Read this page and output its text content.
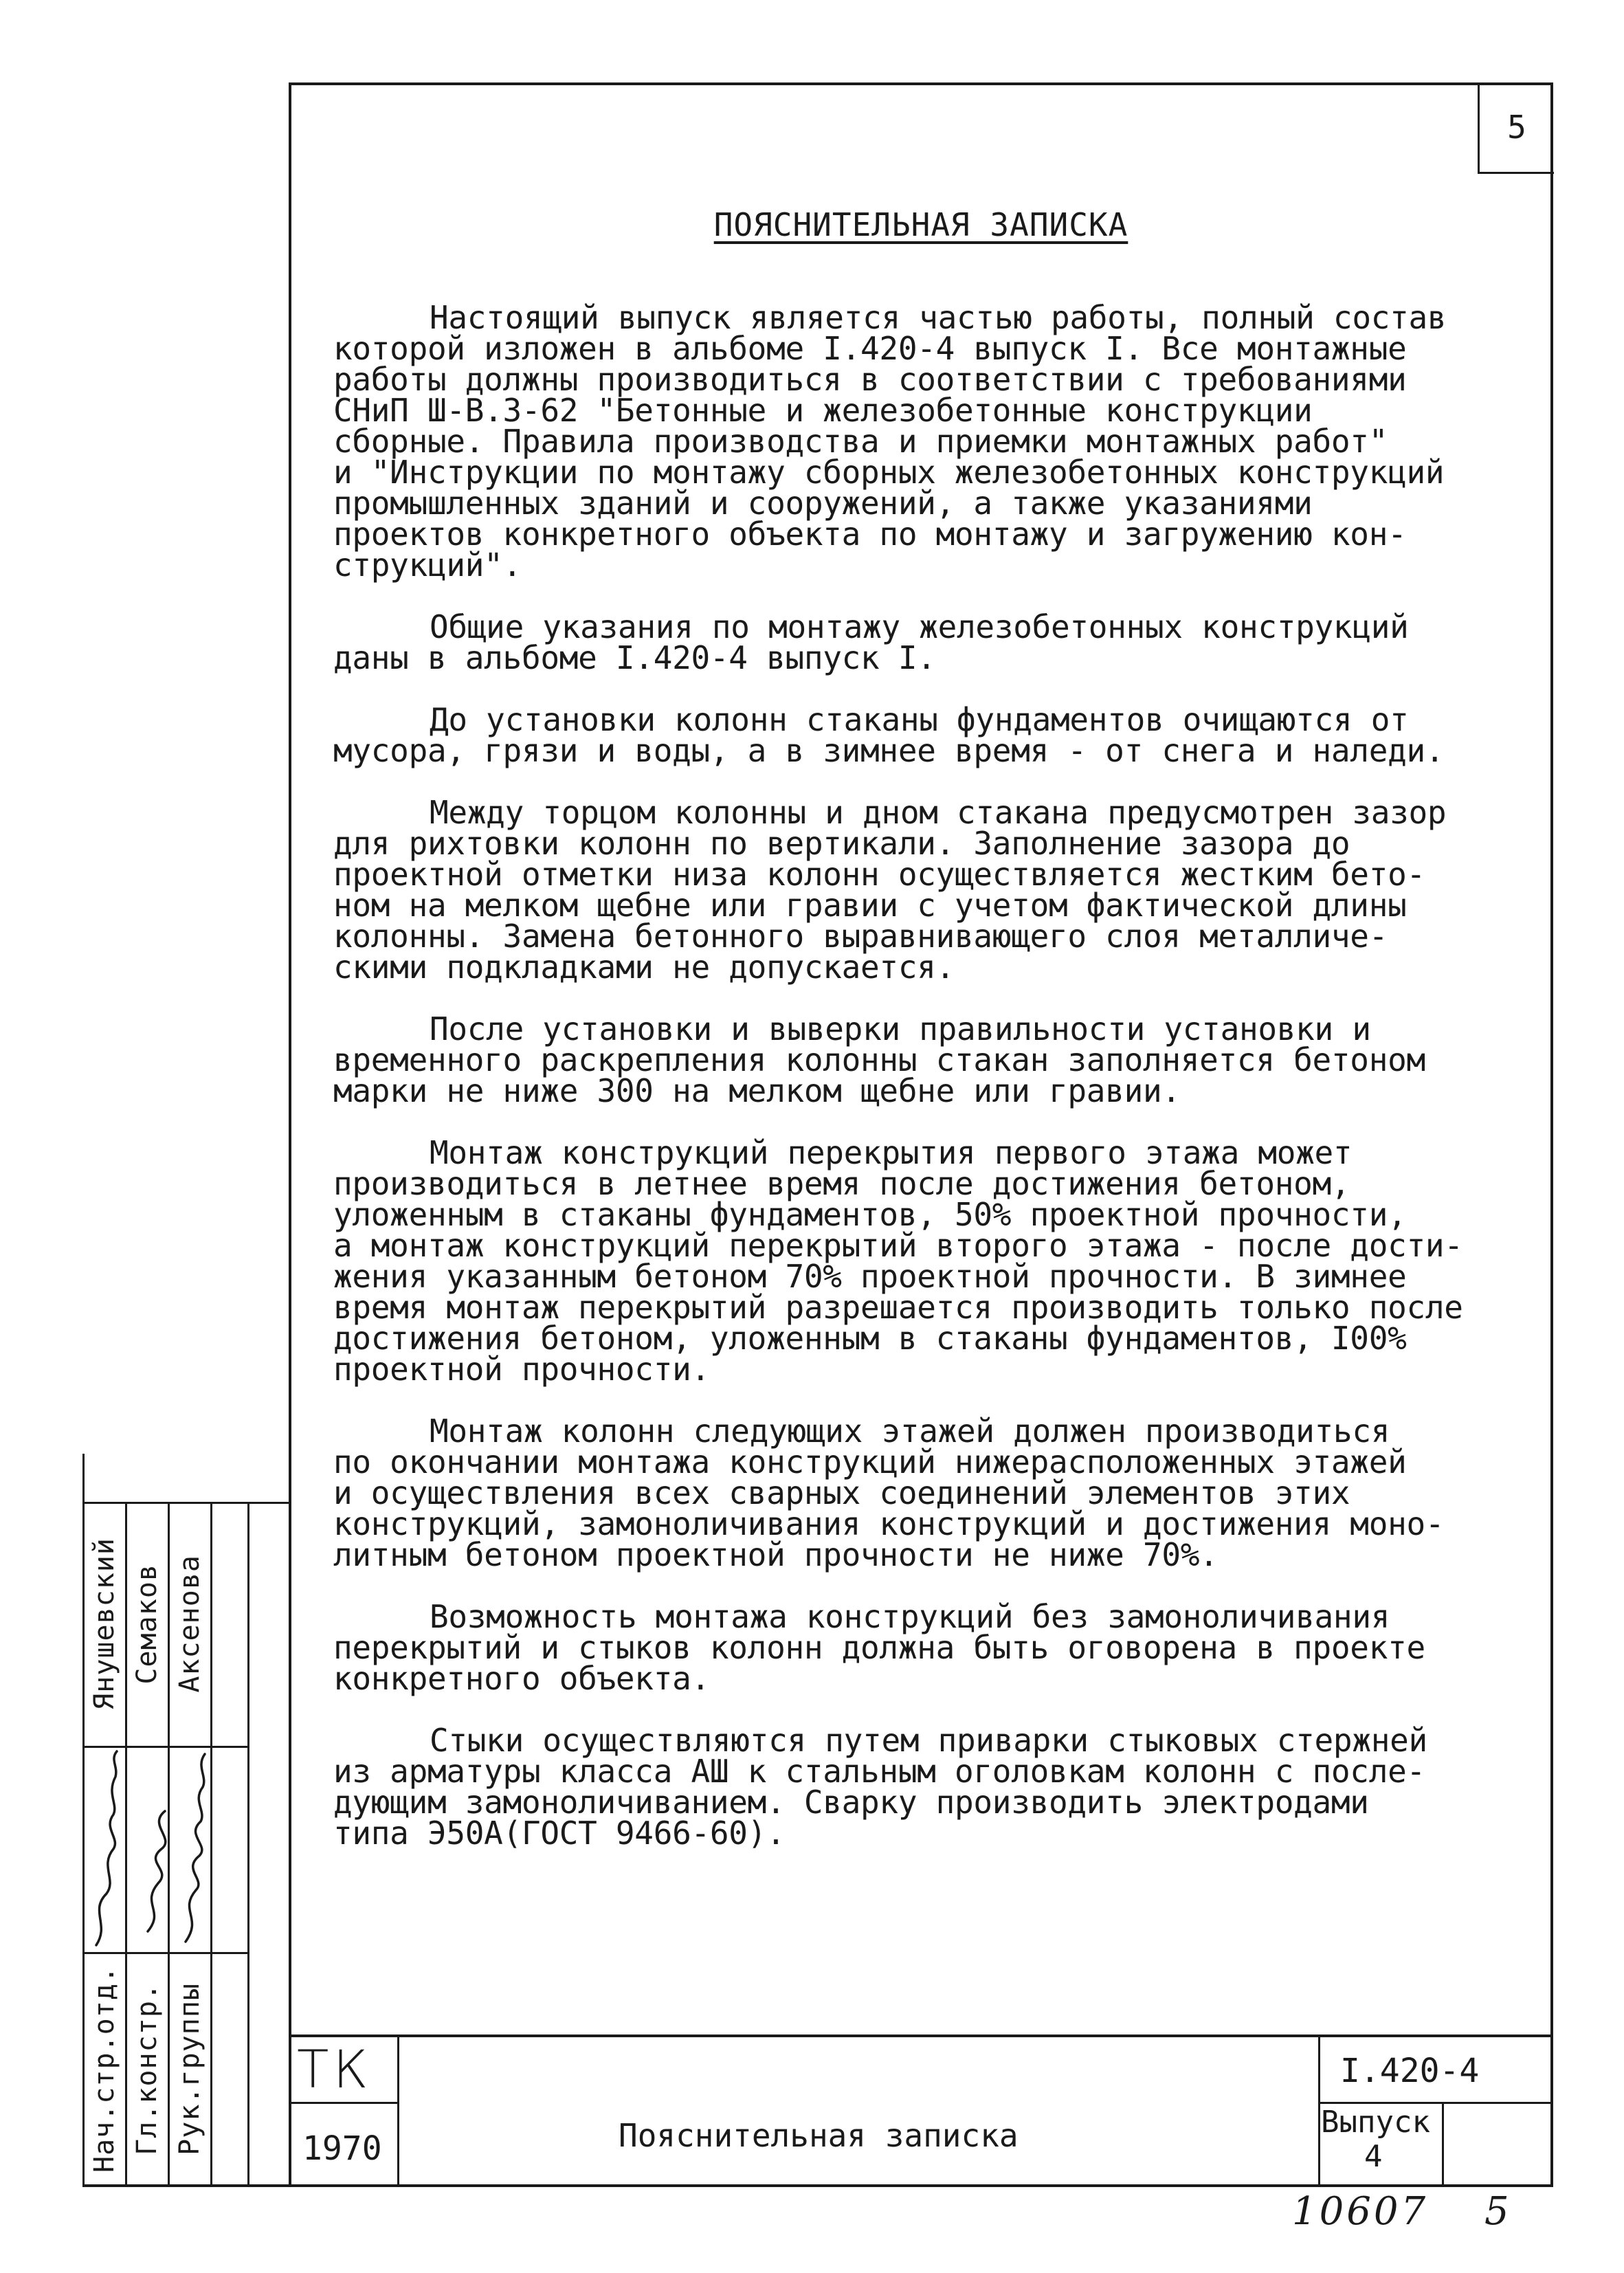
5
ПОЯСНИТЕЛЬНАЯ ЗАПИСКА

Настоящий выпуск является частью работы, полный состав
которой изложен в альбоме I.420-4 выпуск I. Все монтажные
работы должны производиться в соответствии с требованиями
СНиП Ш-В.3-62 "Бетонные и железобетонные конструкции
сборные. Правила производства и приемки монтажных работ"
и "Инструкции по монтажу сборных железобетонных конструкций
промышленных зданий и сооружений, а также указаниями
проектов конкретного объекта по монтажу и загружению кон-
струкций".

Общие указания по монтажу железобетонных конструкций
даны в альбоме I.420-4 выпуск I.

До установки колонн стаканы фундаментов очищаются от
мусора, грязи и воды, а в зимнее время - от снега и наледи.

Между торцом колонны и дном стакана предусмотрен зазор
для рихтовки колонн по вертикали. Заполнение зазора до
проектной отметки низа колонн осуществляется жестким бето-
ном на мелком щебне или гравии с учетом фактической длины
колонны. Замена бетонного выравнивающего слоя металличе-
скими подкладками не допускается.

После установки и выверки правильности установки и
временного раскрепления колонны стакан заполняется бетоном
марки не ниже 300 на мелком щебне или гравии.

Монтаж конструкций перекрытия первого этажа может
производиться в летнее время после достижения бетоном,
уложенным в стаканы фундаментов, 50% проектной прочности,
а монтаж конструкций перекрытий второго этажа - после дости-
жения указанным бетоном 70% проектной прочности. В зимнее
время монтаж перекрытий разрешается производить только после
достижения бетоном, уложенным в стаканы фундаментов, I00%
проектной прочности.

Монтаж колонн следующих этажей должен производиться
по окончании монтажа конструкций нижерасположенных этажей
и осуществления всех сварных соединений элементов этих
конструкций, замоноличивания конструкций и достижения моно-
литным бетоном проектной прочности не ниже 70%.

Возможность монтажа конструкций без замоноличивания
перекрытий и стыков колонн должна быть оговорена в проекте
конкретного объекта.

Стыки осуществляются путем приварки стыковых стержней
из арматуры класса АШ к стальным оголовкам колонн с после-
дующим замоноличиванием. Сварку производить электродами
типа Э50А(ГОСТ 9466-60).

ТК
1970	Пояснительная записка
I.420-4
Выпуск
4
Нач.стр.отд. Гл.констр. Рук.группы
Янушевский Семаков Аксенова
10607 5
